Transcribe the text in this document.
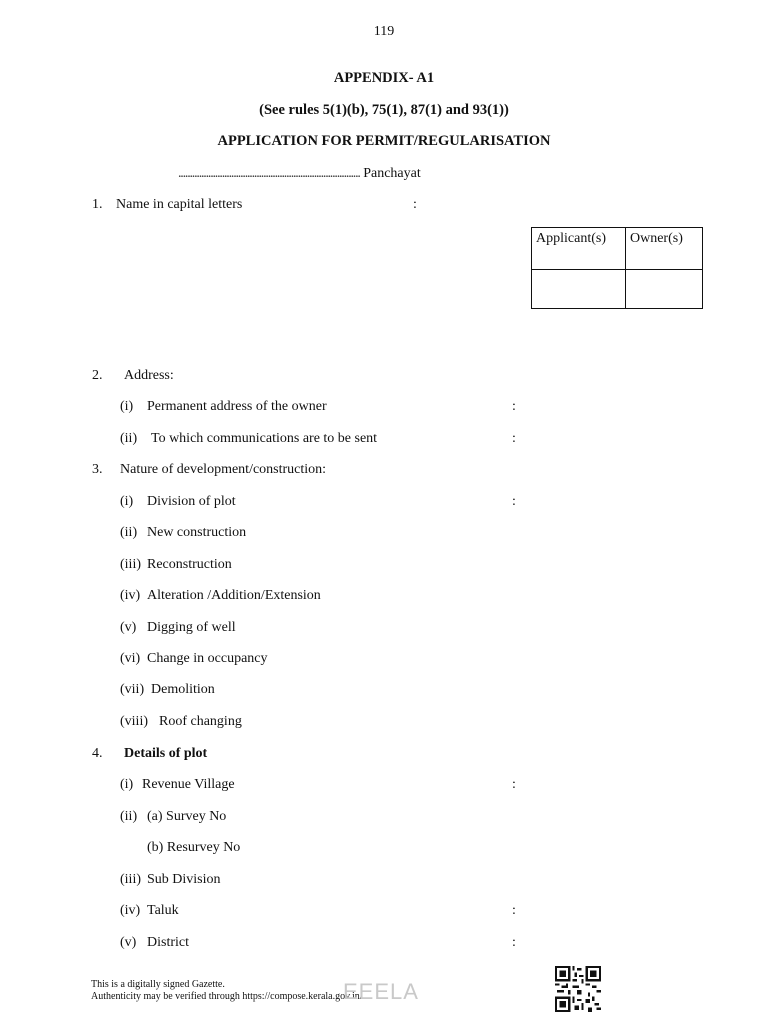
119
APPENDIX- A1
(See rules 5(1)(b), 75(1), 87(1) and 93(1))
APPLICATION FOR PERMIT/REGULARISATION
............................................................................... Panchayat
1. Name in capital letters	:
Applicant(s)	Owner(s)

2. Address:
(i) Permanent address of the owner	:
(ii) To which communications are to be sent	:
3. Nature of development/construction:
(i) Division of plot	:
(ii) New construction
(iii) Reconstruction
(iv) Alteration /Addition/Extension
(v) Digging of well
(vi) Change in occupancy
(vii) Demolition
(viii) Roof changing
4. Details of plot
(i) Revenue Village	:
(ii) (a) Survey No
(b) Resurvey No
(iii) Sub Division
(iv) Taluk	:
(v) District	:
This is a digitally signed Gazette.
Authenticity may be verified through https://compose.kerala.gov.in/
EEELA
